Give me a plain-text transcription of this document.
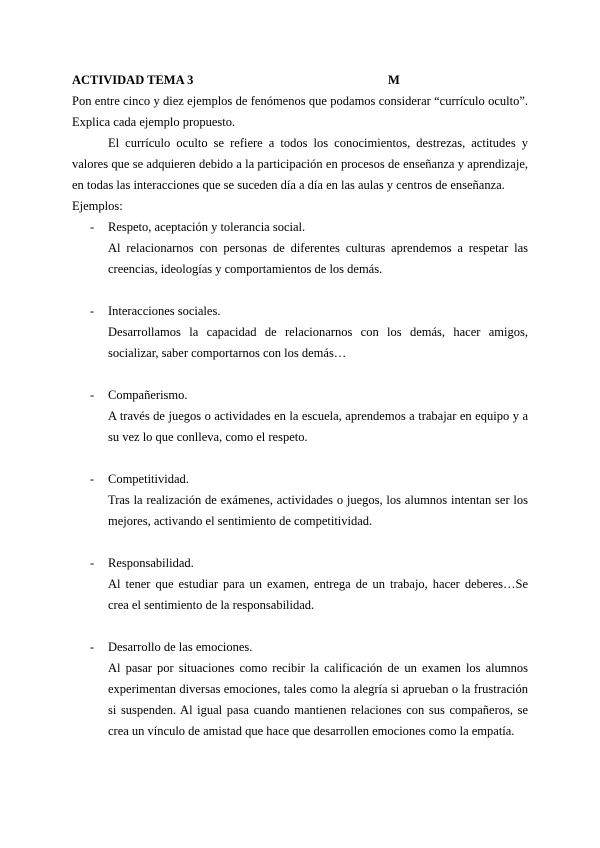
ACTIVIDAD TEMA 3	M
Pon entre cinco y diez ejemplos de fenómenos que podamos considerar “currículo oculto”. Explica cada ejemplo propuesto.
El currículo oculto se refiere a todos los conocimientos, destrezas, actitudes y valores que se adquieren debido a la participación en procesos de enseñanza y aprendizaje, en todas las interacciones que se suceden día a día en las aulas y centros de enseñanza.
Ejemplos:
- Respeto, aceptación y tolerancia social.
Al relacionarnos con personas de diferentes culturas aprendemos a respetar las creencias, ideologías y comportamientos de los demás.
- Interacciones sociales.
Desarrollamos la capacidad de relacionarnos con los demás, hacer amigos, socializar, saber comportarnos con los demás…
- Compañerismo.
A través de juegos o actividades en la escuela, aprendemos a trabajar en equipo y a su vez lo que conlleva, como el respeto.
- Competitividad.
Tras la realización de exámenes, actividades o juegos, los alumnos intentan ser los mejores, activando el sentimiento de competitividad.
- Responsabilidad.
Al tener que estudiar para un examen, entrega de un trabajo, hacer deberes…Se crea el sentimiento de la responsabilidad.
- Desarrollo de las emociones.
Al pasar por situaciones como recibir la calificación de un examen los alumnos experimentan diversas emociones, tales como la alegría si aprueban o la frustración si suspenden. Al igual pasa cuando mantienen relaciones con sus compañeros, se crea un vínculo de amistad que hace que desarrollen emociones como la empatía.
